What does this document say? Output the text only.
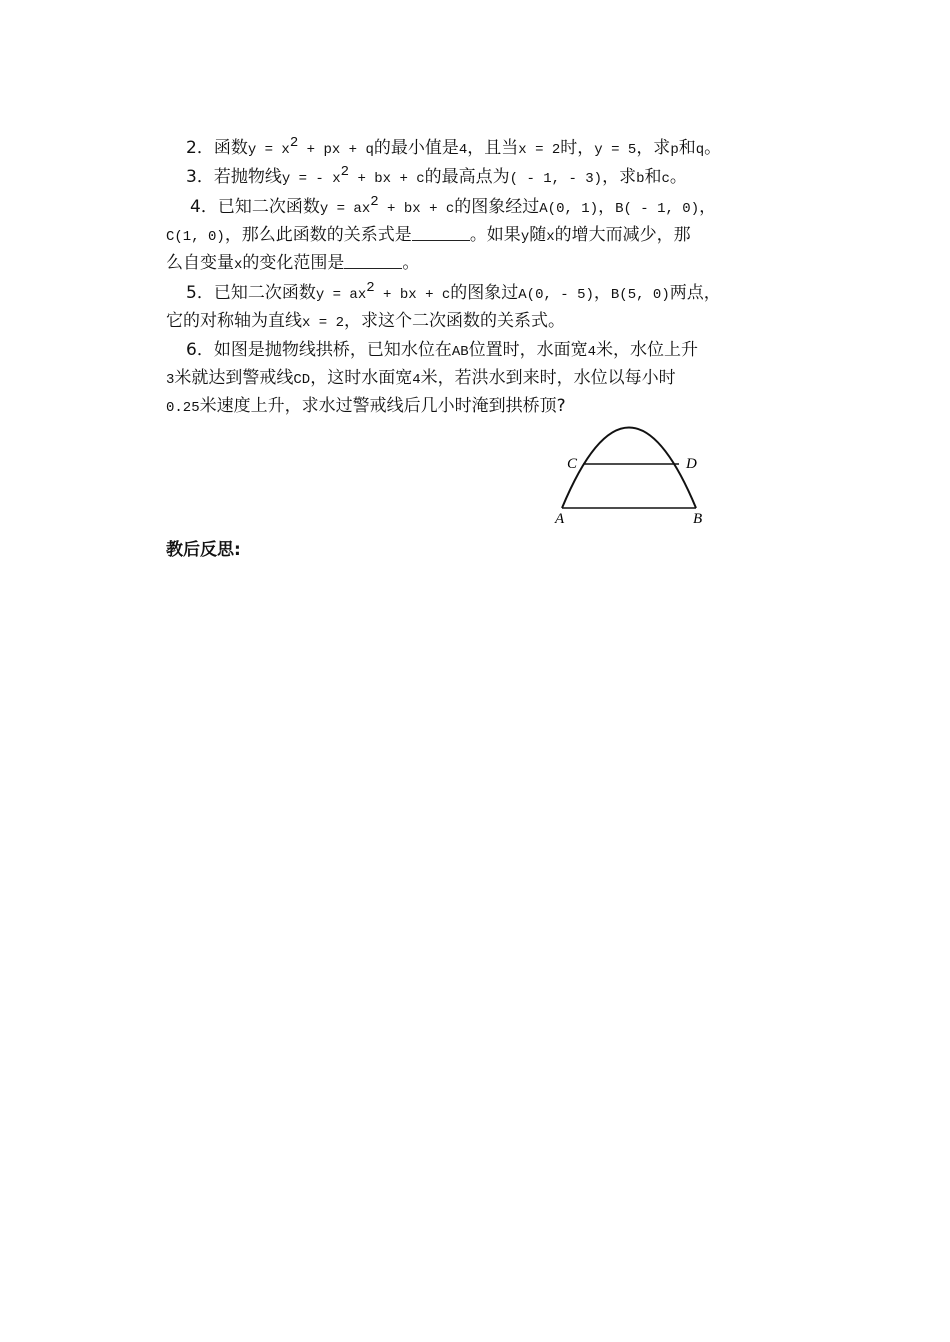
2．函数$y = x^2$ + px + q的最小值是4，且当x = 2时，y = 5，求p和q。
3．若抛物线y = - $x^2$ + bx + c的最高点为( - 1, - 3)，求b和c。
4．已知二次函数$y = ax^2$ + bx + c的图象经过A(0, 1)，B( - 1, 0)，
C(1, 0)，那么此函数的关系式是	。如果y随x的增大而减少，那
么自变量x的变化范围是	。
5．已知二次函数$y = ax^2$ + bx + c的图象过A(0, - 5)，B(5, 0)两点，
它的对称轴为直线x = 2，求这个二次函数的关系式。
6．如图是抛物线拱桥，已知水位在AB位置时，水面宽4米，水位上升
3米就达到警戒线CD，这时水面宽4米，若洪水到来时，水位以每小时
0.25米速度上升，求水过警戒线后几小时淹到拱桥顶?
C	D
A	B
教后反思:
